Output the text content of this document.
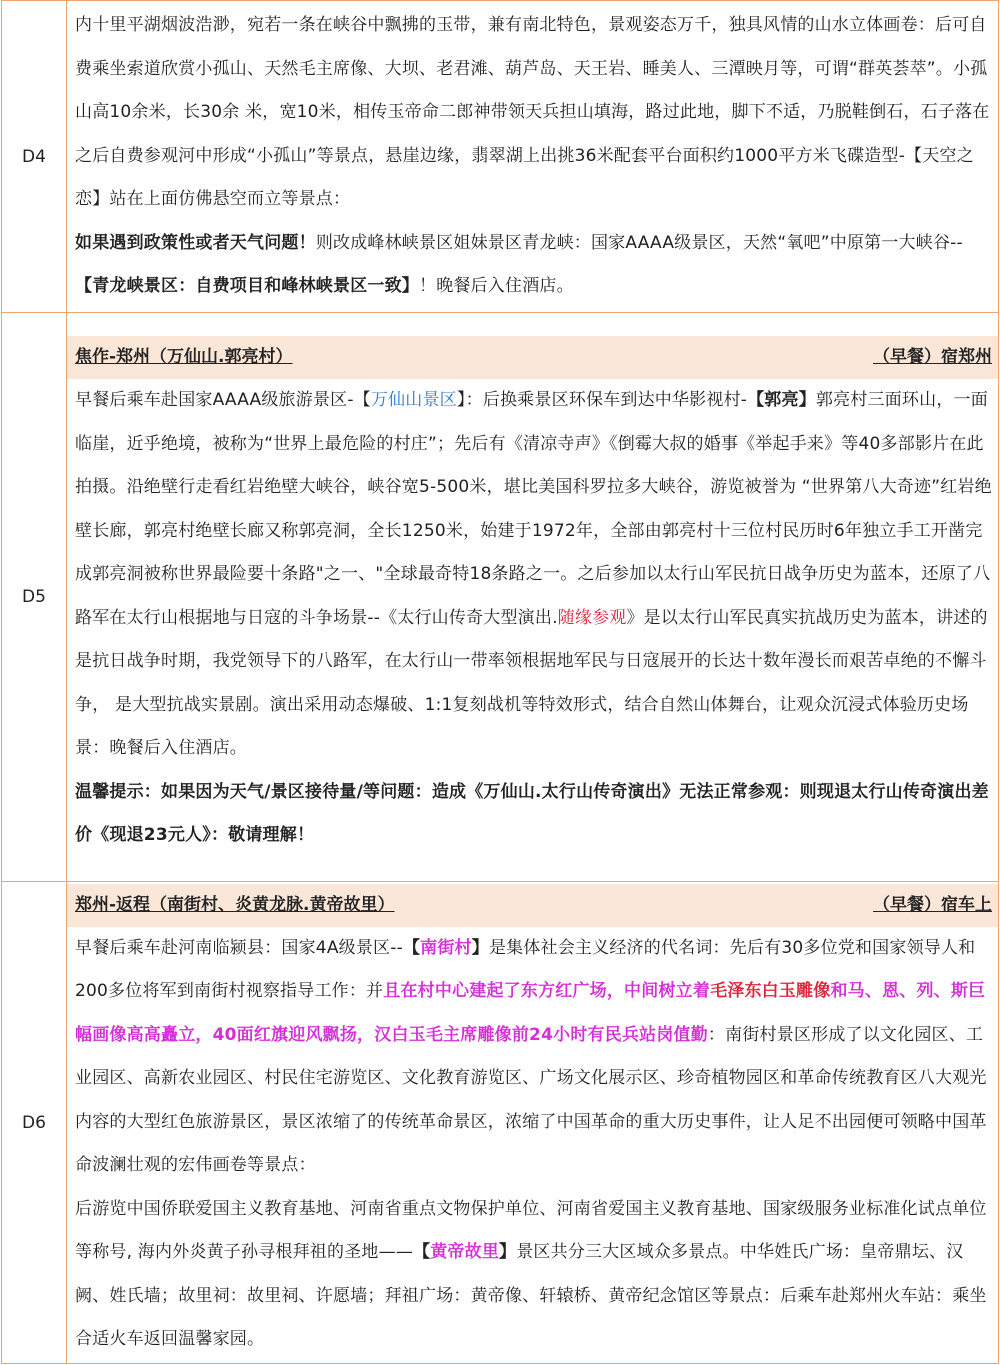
D4	内十里平湖烟波浩渺，宛若一条在峡谷中飘拂的玉带，兼有南北特色，景观姿态万千，独具风情的山水立体画卷：后可自费乘坐索道欣赏小孤山、天然毛主席像、大坝、老君滩、葫芦岛、天王岩、睡美人、三潭映月等，可谓“群英荟萃”。小孤山高10余米，长30余 米，宽10米，相传玉帝命二郎神带领天兵担山填海，路过此地，脚下不适，乃脱鞋倒石，石子落在之后自费参观河中形成“小孤山”等景点，悬崖边缘，翡翠湖上出挑36米配套平台面积约1000平方米飞碟造型-【天空之恋】站在上面仿佛悬空而立等景点：

如果遇到政策性或者天气问题！则改成峰林峡景区姐妹景区青龙峡：国家AAAA级景区，天然“氧吧”中原第一大峡谷--【青龙峡景区：自费项目和峰林峡景区一致】！晚餐后入住酒店。

D5	焦作-郑州（万仙山.郭亮村） （早餐）宿郑州

早餐后乘车赴国家AAAA级旅游景区-【万仙山景区】：后换乘景区环保车到达中华影视村-【郭亮】郭亮村三面环山，一面临崖，近乎绝境，被称为“世界上最危险的村庄”；先后有《清凉寺声》《倒霉大叔的婚事《举起手来》等40多部影片在此拍摄。沿绝壁行走看红岩绝壁大峡谷，峡谷宽5-500米，堪比美国科罗拉多大峡谷，游览被誉为 “世界第八大奇迹”红岩绝壁长廊，郭亮村绝壁长廊又称郭亮洞，全长1250米，始建于1972年，全部由郭亮村十三位村民历时6年独立手工开凿完成郭亮洞被称世界最险要十条路"之一、"全球最奇特18条路之一。之后参加以太行山军民抗日战争历史为蓝本，还原了八路军在太行山根据地与日寇的斗争场景--《太行山传奇大型演出.随缘参观》是以太行山军民真实抗战历史为蓝本，讲述的是抗日战争时期，我党领导下的八路军，在太行山一带率领根据地军民与日寇展开的长达十数年漫长而艰苦卓绝的不懈斗争， 是大型抗战实景剧。演出采用动态爆破、1:1复刻战机等特效形式，结合自然山体舞台，让观众沉浸式体验历史场景：晚餐后入住酒店。

温馨提示：如果因为天气/景区接待量/等问题：造成《万仙山.太行山传奇演出》无法正常参观：则现退太行山传奇演出差价《现退23元人》：敬请理解！

D6	郑州-返程（南街村、炎黄龙脉.黄帝故里） （早餐）宿车上

早餐后乘车赴河南临颍县：国家4A级景区--【南街村】是集体社会主义经济的代名词：先后有30多位党和国家领导人和200多位将军到南街村视察指导工作：并且在村中心建起了东方红广场，中间树立着毛泽东白玉雕像和马、恩、列、斯巨幅画像高高矗立，40面红旗迎风飘扬，汉白玉毛主席雕像前24小时有民兵站岗值勤：南街村景区形成了以文化园区、工业园区、高新农业园区、村民住宅游览区、文化教育游览区、广场文化展示区、珍奇植物园区和革命传统教育区八大观光内容的大型红色旅游景区，景区浓缩了的传统革命景区，浓缩了中国革命的重大历史事件，让人足不出园便可领略中国革命波澜壮观的宏伟画卷等景点：

后游览中国侨联爱国主义教育基地、河南省重点文物保护单位、河南省爱国主义教育基地、国家级服务业标准化试点单位等称号, 海内外炎黄子孙寻根拜祖的圣地——【黄帝故里】景区共分三大区域众多景点。中华姓氏广场：皇帝鼎坛、汉阙、姓氏墙；故里祠：故里祠、许愿墙；拜祖广场：黄帝像、轩辕桥、黄帝纪念馆区等景点：后乘车赴郑州火车站：乘坐合适火车返回温馨家园。
